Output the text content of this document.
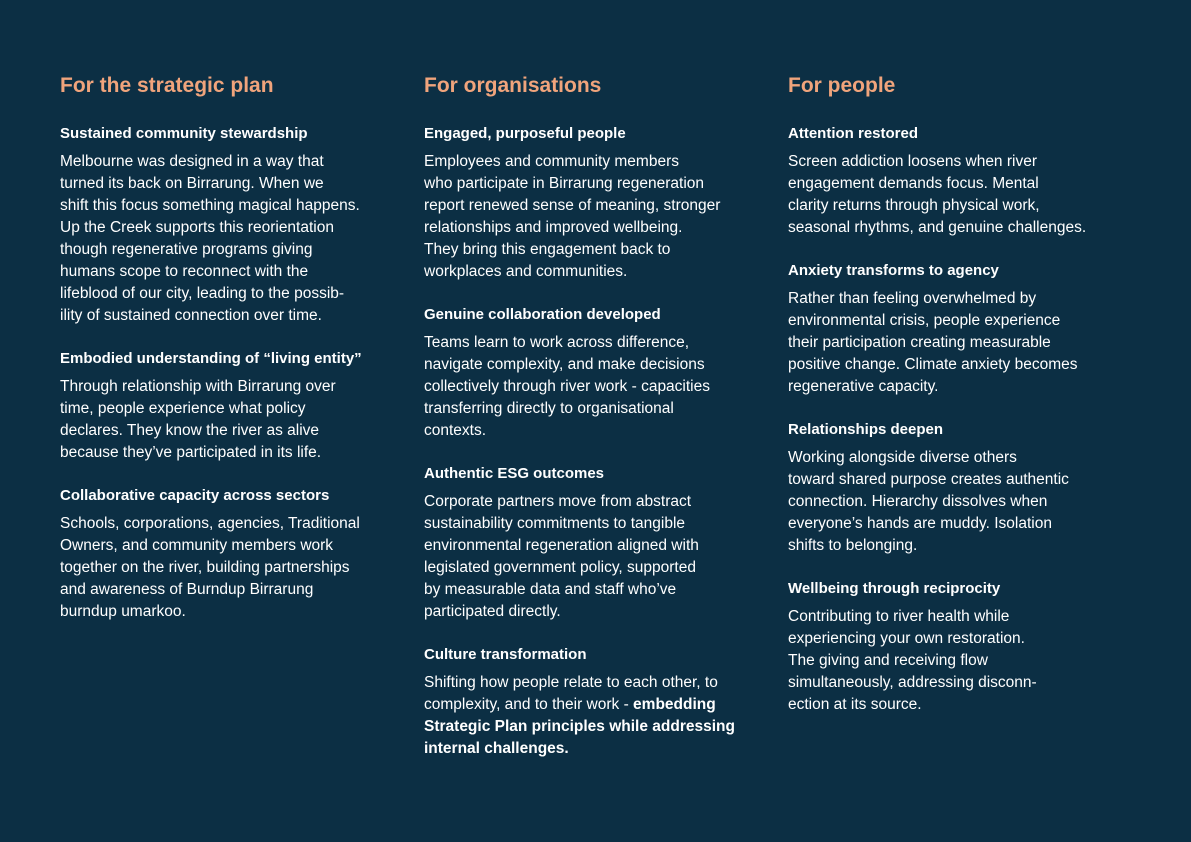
For the strategic plan
Sustained community stewardship

Melbourne was designed in a way that
turned its back on Birrarung. When we
shift this focus something magical happens.
Up the Creek supports this reorientation
though regenerative programs giving
humans scope to reconnect with the
lifeblood of our city, leading to the possib-
ility of sustained connection over time.

Embodied understanding of “living entity”

Through relationship with Birrarung over
time, people experience what policy
declares. They know the river as alive
because they’ve participated in its life.

Collaborative capacity across sectors

Schools, corporations, agencies, Traditional
Owners, and community members work
together on the river, building partnerships
and awareness of Burndup Birrarung
burndup umarkoo.

For organisations
Engaged, purposeful people

Employees and community members
who participate in Birrarung regeneration
report renewed sense of meaning, stronger
relationships and improved wellbeing.
They bring this engagement back to
workplaces and communities.

Genuine collaboration developed

Teams learn to work across difference,
navigate complexity, and make decisions
collectively through river work - capacities
transferring directly to organisational
contexts.

Authentic ESG outcomes

Corporate partners move from abstract
sustainability commitments to tangible
environmental regeneration aligned with
legislated government policy, supported
by measurable data and staff who’ve
participated directly.

Culture transformation

Shifting how people relate to each other, to
complexity, and to their work - embedding
Strategic Plan principles while addressing
internal challenges.

For people
Attention restored

Screen addiction loosens when river
engagement demands focus. Mental
clarity returns through physical work,
seasonal rhythms, and genuine challenges.

Anxiety transforms to agency

Rather than feeling overwhelmed by
environmental crisis, people experience
their participation creating measurable
positive change. Climate anxiety becomes
regenerative capacity.

Relationships deepen

Working alongside diverse others
toward shared purpose creates authentic
connection. Hierarchy dissolves when
everyone’s hands are muddy. Isolation
shifts to belonging.

Wellbeing through reciprocity

Contributing to river health while
experiencing your own restoration.
The giving and receiving flow
simultaneously, addressing disconn-
ection at its source.
